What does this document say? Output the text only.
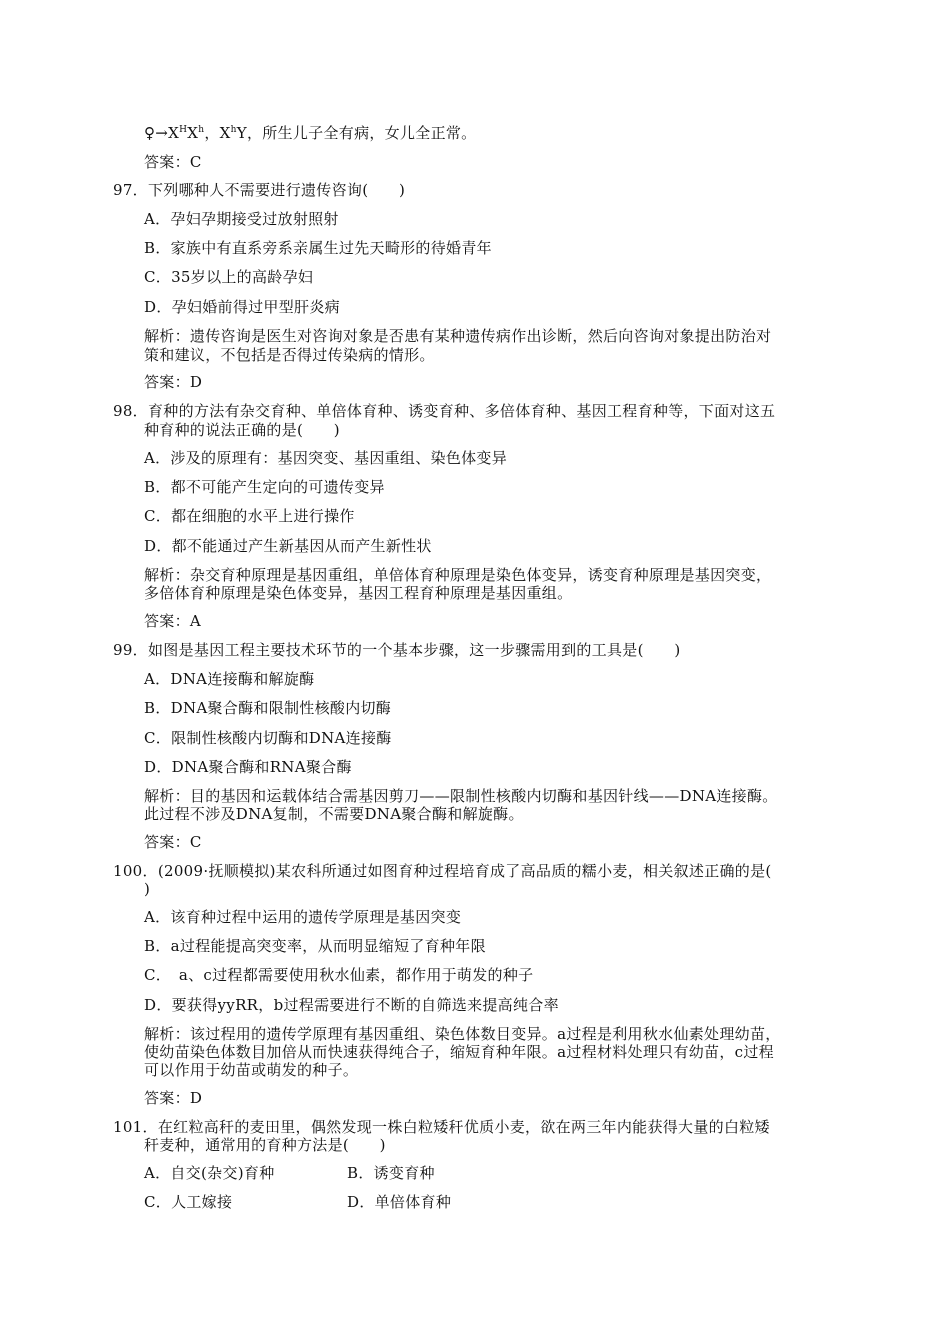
$♀\to X^HX^h$，$X^hY$，所生儿子全有病，女儿全正常。
答案：C
97．下列哪种人不需要进行遗传咨询(　　)
A．孕妇孕期接受过放射照射
B．家族中有直系旁系亲属生过先天畸形的待婚青年
C．35岁以上的高龄孕妇
D．孕妇婚前得过甲型肝炎病
解析：遗传咨询是医生对咨询对象是否患有某种遗传病作出诊断，然后向咨询对象提出防治对
策和建议，不包括是否得过传染病的情形。
答案：D
98．育种的方法有杂交育种、单倍体育种、诱变育种、多倍体育种、基因工程育种等，下面对这五
种育种的说法正确的是(　　)
A．涉及的原理有：基因突变、基因重组、染色体变异
B．都不可能产生定向的可遗传变异
C．都在细胞的水平上进行操作
D．都不能通过产生新基因从而产生新性状
解析：杂交育种原理是基因重组，单倍体育种原理是染色体变异，诱变育种原理是基因突变，
多倍体育种原理是染色体变异，基因工程育种原理是基因重组。
答案：A
99．如图是基因工程主要技术环节的一个基本步骤，这一步骤需用到的工具是(　　)
A．DNA连接酶和解旋酶
B．DNA聚合酶和限制性核酸内切酶
C．限制性核酸内切酶和DNA连接酶
D．DNA聚合酶和RNA聚合酶
解析：目的基因和运载体结合需基因剪刀——限制性核酸内切酶和基因针线——DNA连接酶。
此过程不涉及DNA复制，不需要DNA聚合酶和解旋酶。
答案：C
100．(2009·抚顺模拟)某农科所通过如图育种过程培育成了高品质的糯小麦，相关叙述正确的是(
)
A．该育种过程中运用的遗传学原理是基因突变
B．a过程能提高突变率，从而明显缩短了育种年限
C．　a、c过程都需要使用秋水仙素，都作用于萌发的种子
D．要获得yyRR，b过程需要进行不断的自筛选来提高纯合率
解析：该过程用的遗传学原理有基因重组、染色体数目变异。a过程是利用秋水仙素处理幼苗，
使幼苗染色体数目加倍从而快速获得纯合子，缩短育种年限。a过程材料处理只有幼苗，c过程
可以作用于幼苗或萌发的种子。
答案：D
101．在红粒高秆的麦田里，偶然发现一株白粒矮秆优质小麦，欲在两三年内能获得大量的白粒矮
秆麦种，通常用的育种方法是(　　)
A．自交(杂交)育种	B．诱变育种
C．人工嫁接	D．单倍体育种
